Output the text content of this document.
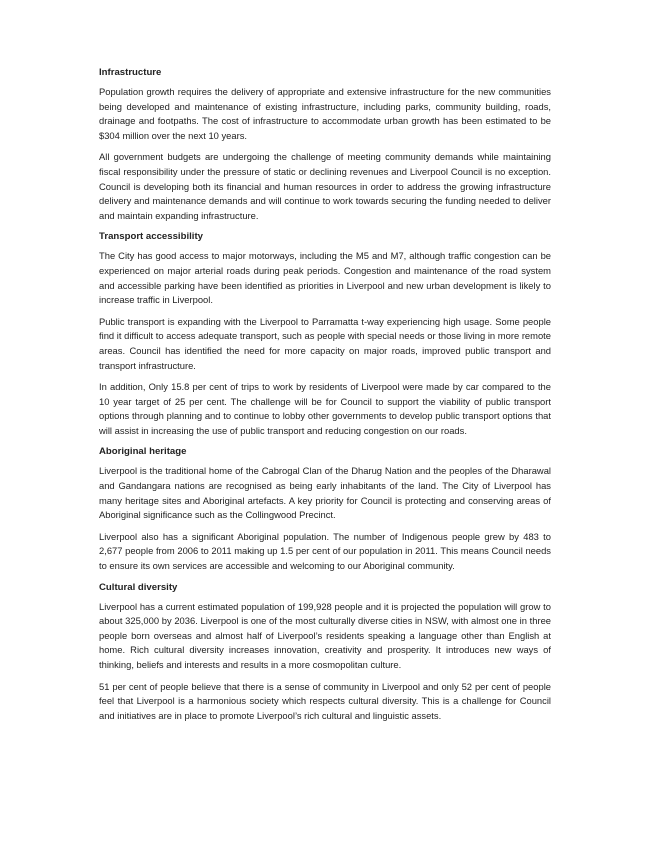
Infrastructure

Population growth requires the delivery of appropriate and extensive infrastructure for the new communities being developed and maintenance of existing infrastructure, including parks, community building, roads, drainage and footpaths. The cost of infrastructure to accommodate urban growth has been estimated to be $304 million over the next 10 years.

All government budgets are undergoing the challenge of meeting community demands while maintaining fiscal responsibility under the pressure of static or declining revenues and Liverpool Council is no exception. Council is developing both its financial and human resources in order to address the growing infrastructure delivery and maintenance demands and will continue to work towards securing the funding needed to deliver and maintain expanding infrastructure.

Transport accessibility

The City has good access to major motorways, including the M5 and M7, although traffic congestion can be experienced on major arterial roads during peak periods. Congestion and maintenance of the road system and accessible parking have been identified as priorities in Liverpool and new urban development is likely to increase traffic in Liverpool.

Public transport is expanding with the Liverpool to Parramatta t-way experiencing high usage. Some people find it difficult to access adequate transport, such as people with special needs or those living in more remote areas. Council has identified the need for more capacity on major roads, improved public transport and transport infrastructure.

In addition, Only 15.8 per cent of trips to work by residents of Liverpool were made by car compared to the 10 year target of 25 per cent. The challenge will be for Council to support the viability of public transport options through planning and to continue to lobby other governments to develop public transport options that will assist in increasing the use of public transport and reducing congestion on our roads.

Aboriginal heritage

Liverpool is the traditional home of the Cabrogal Clan of the Dharug Nation and the peoples of the Dharawal and Gandangara nations are recognised as being early inhabitants of the land. The City of Liverpool has many heritage sites and Aboriginal artefacts. A key priority for Council is protecting and conserving areas of Aboriginal significance such as the Collingwood Precinct.

Liverpool also has a significant Aboriginal population. The number of Indigenous people grew by 483 to 2,677 people from 2006 to 2011 making up 1.5 per cent of our population in 2011. This means Council needs to ensure its own services are accessible and welcoming to our Aboriginal community.

Cultural diversity

Liverpool has a current estimated population of 199,928 people and it is projected the population will grow to about 325,000 by 2036. Liverpool is one of the most culturally diverse cities in NSW, with almost one in three people born overseas and almost half of Liverpool’s residents speaking a language other than English at home. Rich cultural diversity increases innovation, creativity and prosperity. It introduces new ways of thinking, beliefs and interests and results in a more cosmopolitan culture.

51 per cent of people believe that there is a sense of community in Liverpool and only 52 per cent of people feel that Liverpool is a harmonious society which respects cultural diversity. This is a challenge for Council and initiatives are in place to promote Liverpool’s rich cultural and linguistic assets.
